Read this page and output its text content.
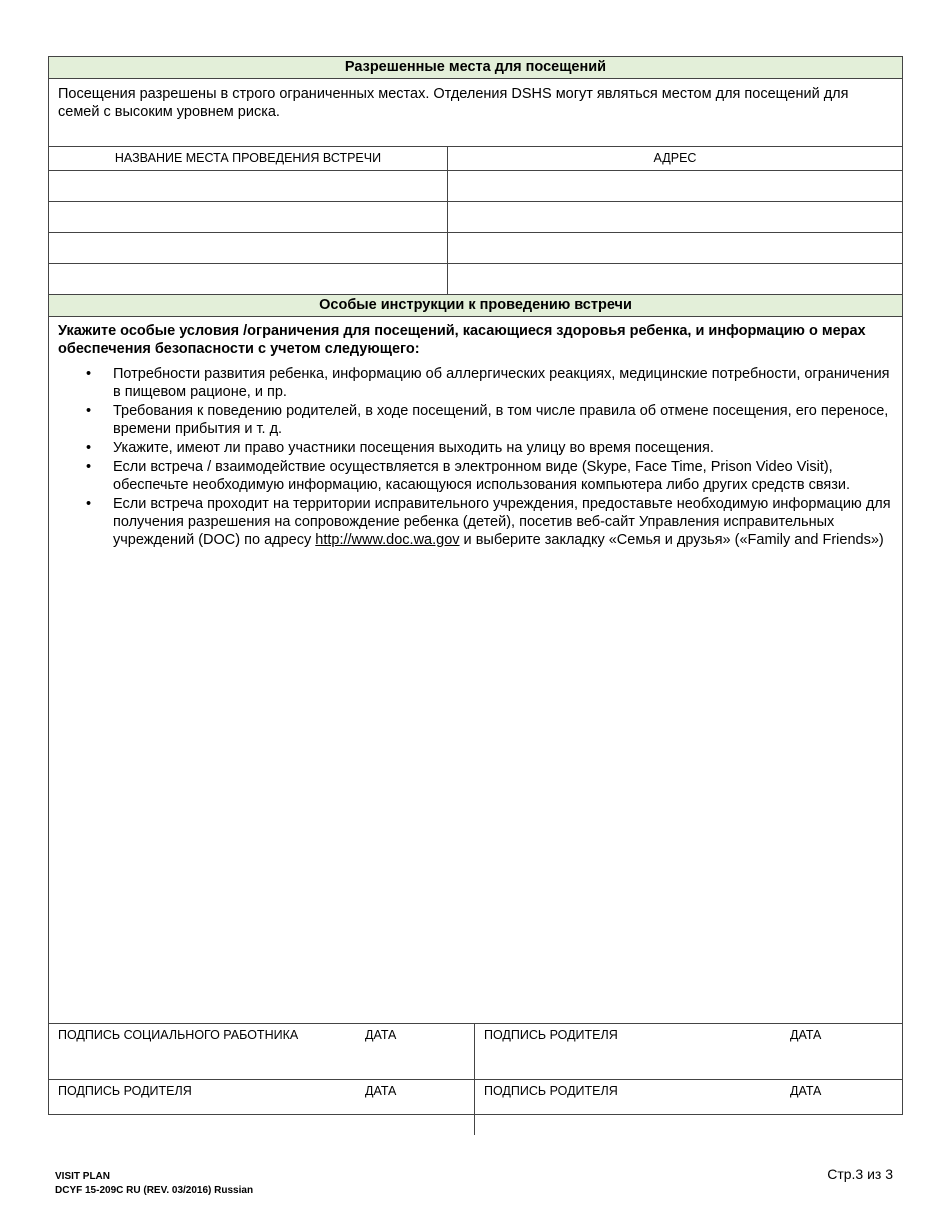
Разрешенные места для посещений
Посещения разрешены в строго ограниченных местах. Отделения DSHS могут являться местом для посещений для семей с высоким уровнем риска.
НАЗВАНИЕ МЕСТА ПРОВЕДЕНИЯ ВСТРЕЧИ	АДРЕС
Особые инструкции к проведению встречи

Укажите особые условия /ограничения для посещений, касающиеся здоровья ребенка, и информацию о мерах обеспечения безопасности с учетом следующего:

• Потребности развития ребенка, информацию об аллергических реакциях, медицинские потребности, ограничения в пищевом рационе, и пр.
• Требования к поведению родителей, в ходе посещений, в том числе правила об отмене посещения, его переносе, времени прибытия и т. д.
• Укажите, имеют ли право участники посещения выходить на улицу во время посещения.
• Если встреча / взаимодействие осуществляется в электронном виде (Skype, Face Time, Prison Video Visit), обеспечьте необходимую информацию, касающуюся использования компьютера либо других средств связи.
• Если встреча проходит на территории исправительного учреждения, предоставьте необходимую информацию для получения разрешения на сопровождение ребенка (детей), посетив веб-сайт Управления исправительных учреждений (DOC) по адресу http://www.doc.wa.gov и выберите закладку «Семья и друзья» («Family and Friends»)
ПОДПИСЬ СОЦИАЛЬНОГО РАБОТНИКА	ДАТА	ПОДПИСЬ РОДИТЕЛЯ	ДАТА
ПОДПИСЬ РОДИТЕЛЯ	ДАТА	ПОДПИСЬ РОДИТЕЛЯ	ДАТА
VISIT PLAN
DCYF 15-209C RU (REV. 03/2016) Russian
Стр.3 из 3
